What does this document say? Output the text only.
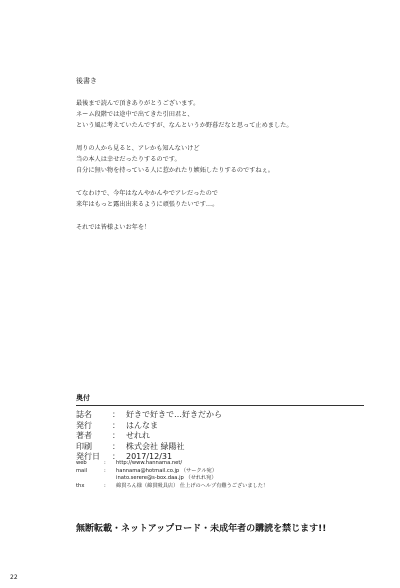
後書き
最後まで読んで頂きありがとうございます。
ネーム段階では途中で出てきた引田君と、
という風に考えていたんですが、なんというか野暮だなと思って止めました。
周りの人から見ると、アレかも知んないけど
当の本人は幸せだったりするのです。
自分に無い物を持っている人に惹かれたり嫉妬したりするのですねぇ。
てなわけで、今年はなんやかんやでアレだったので
来年はもっと露出出来るように頑張りたいです…。
それでは皆様よいお年を！
奥付
誌名	： 好きで好きで…好きだから
発行	： はんなま
著者	： せれれ
印刷	： 株式会社 緑陽社
発行日	： 2017/12/31
web	:	http://www.hannama.net/
mail	:	hannama@hotmail.co.jp （サークル宛）
inato.serere@s-box.daa.jp （せれれ宛）
thx	:	綿貫ろん様（綿貫吸具店） 仕上げのヘルプ有難うございました！
無断転載・ネットアップロード・未成年者の購読を禁じます!!
22
